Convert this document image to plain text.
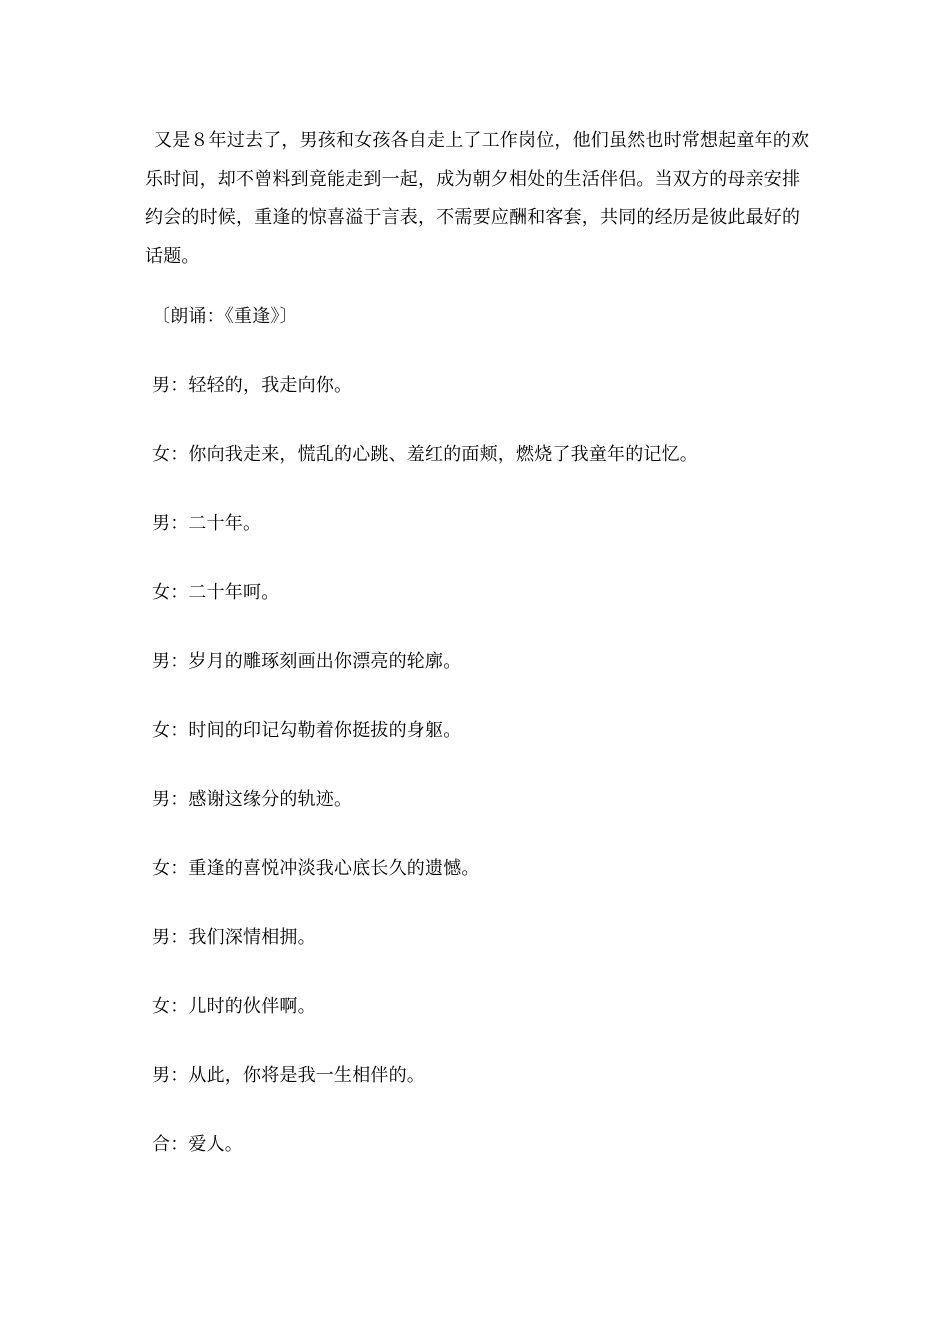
又是８年过去了，男孩和女孩各自走上了工作岗位，他们虽然也时常想起童年的欢乐时间，却不曾料到竟能走到一起，成为朝夕相处的生活伴侣。当双方的母亲安排约会的时候，重逢的惊喜溢于言表，不需要应酬和客套，共同的经历是彼此最好的话题。

〔朗诵：《重逢》〕
男：轻轻的，我走向你。
女：你向我走来，慌乱的心跳、羞红的面颊，燃烧了我童年的记忆。
男：二十年。
女：二十年呵。
男：岁月的雕琢刻画出你漂亮的轮廓。
女：时间的印记勾勒着你挺拔的身躯。
男：感谢这缘分的轨迹。
女：重逢的喜悦冲淡我心底长久的遗憾。
男：我们深情相拥。
女：儿时的伙伴啊。
男：从此，你将是我一生相伴的。
合：爱人。
